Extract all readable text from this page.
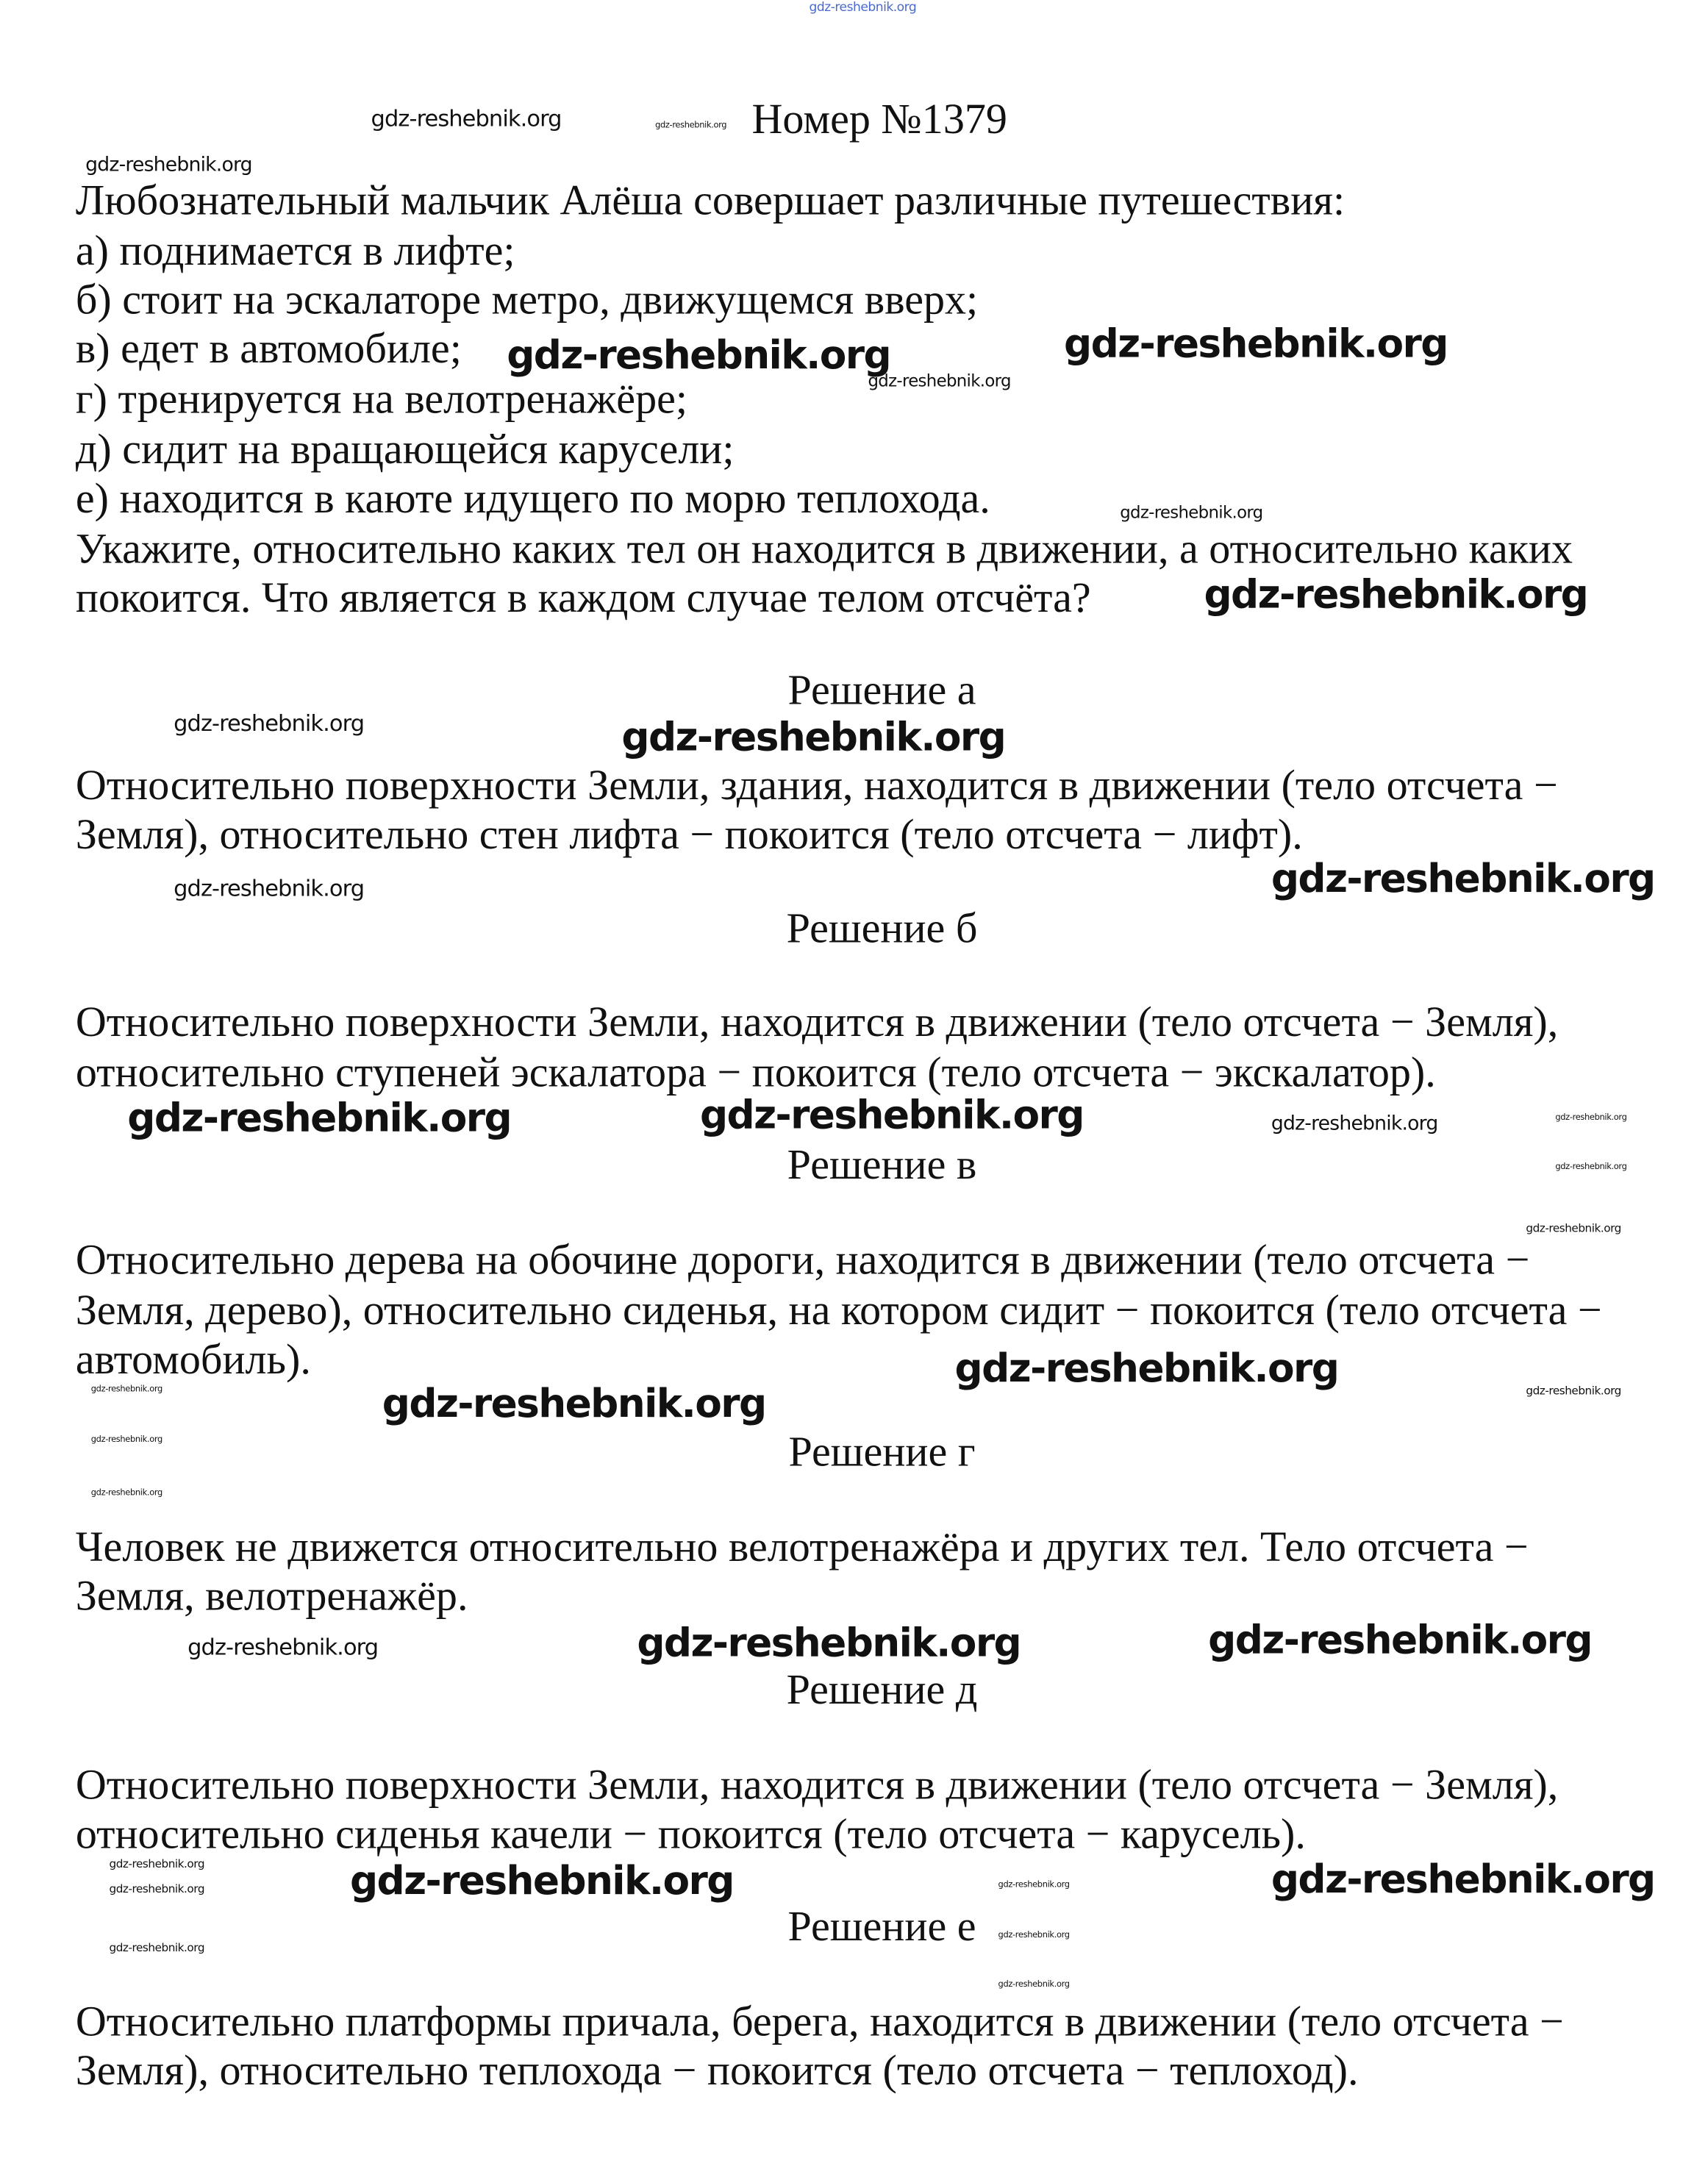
Номер №1379
Любознательный мальчик Алёша совершает различные путешествия:
а) поднимается в лифте;
б) стоит на эскалаторе метро, движущемся вверх;
в) едет в автомобиле;
г) тренируется на велотренажёре;
д) сидит на вращающейся карусели;
е) находится в каюте идущего по морю теплохода.
Укажите, относительно каких тел он находится в движении, а относительно каких
покоится. Что является в каждом случае телом отсчёта?
Решение а
Относительно поверхности Земли, здания, находится в движении (тело отсчета −
Земля), относительно стен лифта − покоится (тело отсчета − лифт).
Решение б
Относительно поверхности Земли, находится в движении (тело отсчета − Земля),
относительно ступеней эскалатора − покоится (тело отсчета − экскалатор).
Решение в
Относительно дерева на обочине дороги, находится в движении (тело отсчета −
Земля, дерево), относительно сиденья, на котором сидит − покоится (тело отсчета −
автомобиль).
Решение г
Человек не движется относительно велотренажёра и других тел. Тело отсчета −
Земля, велотренажёр.
Решение д
Относительно поверхности Земли, находится в движении (тело отсчета − Земля),
относительно сиденья качели − покоится (тело отсчета − карусель).
Решение е
Относительно платформы причала, берега, находится в движении (тело отсчета −
Земля), относительно теплохода − покоится (тело отсчета − теплоход).
gdz-reshebnik.org
gdz-reshebnik.org	gdz-reshebnik.org
gdz-reshebnik.org
gdz-reshebnik.org
gdz-reshebnik.org
gdz-reshebnik.org	gdz-reshebnik.org
gdz-reshebnik.org
gdz-reshebnik.org
gdz-reshebnik.org	gdz-reshebnik.org
gdz-reshebnik.org	gdz-reshebnik.org
gdz-reshebnik.org
gdz-reshebnik.org
gdz-reshebnik.org
gdz-reshebnik.org
gdz-reshebnik.org
gdz-reshebnik.org
gdz-reshebnik.org
gdz-reshebnik.org
gdz-reshebnik.org
gdz-reshebnik.org
gdz-reshebnik.org
gdz-reshebnik.org
gdz-reshebnik.org
gdz-reshebnik.org
gdz-reshebnik.org
gdz-reshebnik.org
gdz-reshebnik.org
gdz-reshebnik.org
gdz-reshebnik.org
gdz-reshebnik.org
gdz-reshebnik.org
gdz-reshebnik.org
